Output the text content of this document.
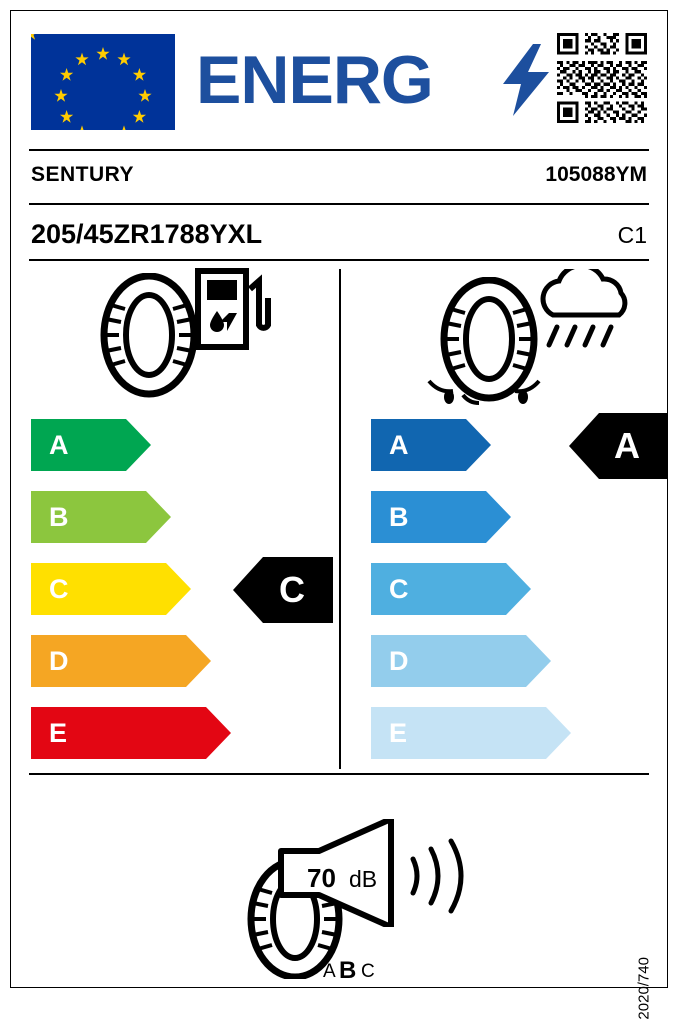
ENERG
SENTURY	105088YM
205/45ZR1788YXL	C1
A
B
C
D
E
C
A
B
C
D
E
A
70 dB
A B C	2020/740
